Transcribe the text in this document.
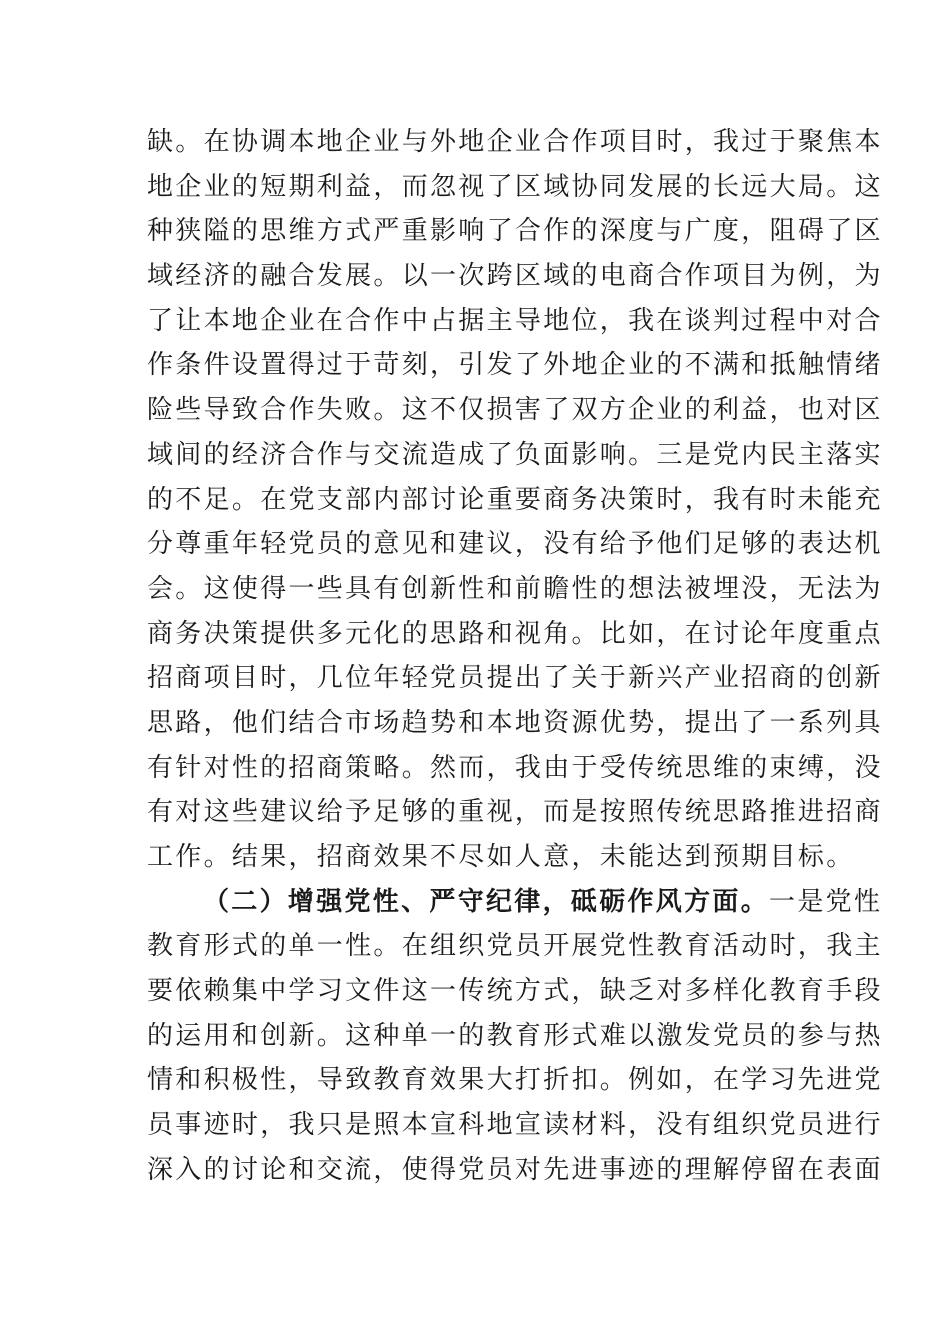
缺。在协调本地企业与外地企业合作项目时，我过于聚焦本
地企业的短期利益，而忽视了区域协同发展的长远大局。这
种狭隘的思维方式严重影响了合作的深度与广度，阻碍了区
域经济的融合发展。以一次跨区域的电商合作项目为例，为
了让本地企业在合作中占据主导地位，我在谈判过程中对合
作条件设置得过于苛刻，引发了外地企业的不满和抵触情绪
险些导致合作失败。这不仅损害了双方企业的利益，也对区
域间的经济合作与交流造成了负面影响。三是党内民主落实
的不足。在党支部内部讨论重要商务决策时，我有时未能充
分尊重年轻党员的意见和建议，没有给予他们足够的表达机
会。这使得一些具有创新性和前瞻性的想法被埋没，无法为
商务决策提供多元化的思路和视角。比如，在讨论年度重点
招商项目时，几位年轻党员提出了关于新兴产业招商的创新
思路，他们结合市场趋势和本地资源优势，提出了一系列具
有针对性的招商策略。然而，我由于受传统思维的束缚，没
有对这些建议给予足够的重视，而是按照传统思路推进招商
工作。结果，招商效果不尽如人意，未能达到预期目标。
（二）增强党性、严守纪律，砥砺作风方面。一是党性
教育形式的单一性。在组织党员开展党性教育活动时，我主
要依赖集中学习文件这一传统方式，缺乏对多样化教育手段
的运用和创新。这种单一的教育形式难以激发党员的参与热
情和积极性，导致教育效果大打折扣。例如，在学习先进党
员事迹时，我只是照本宣科地宣读材料，没有组织党员进行
深入的讨论和交流，使得党员对先进事迹的理解停留在表面
